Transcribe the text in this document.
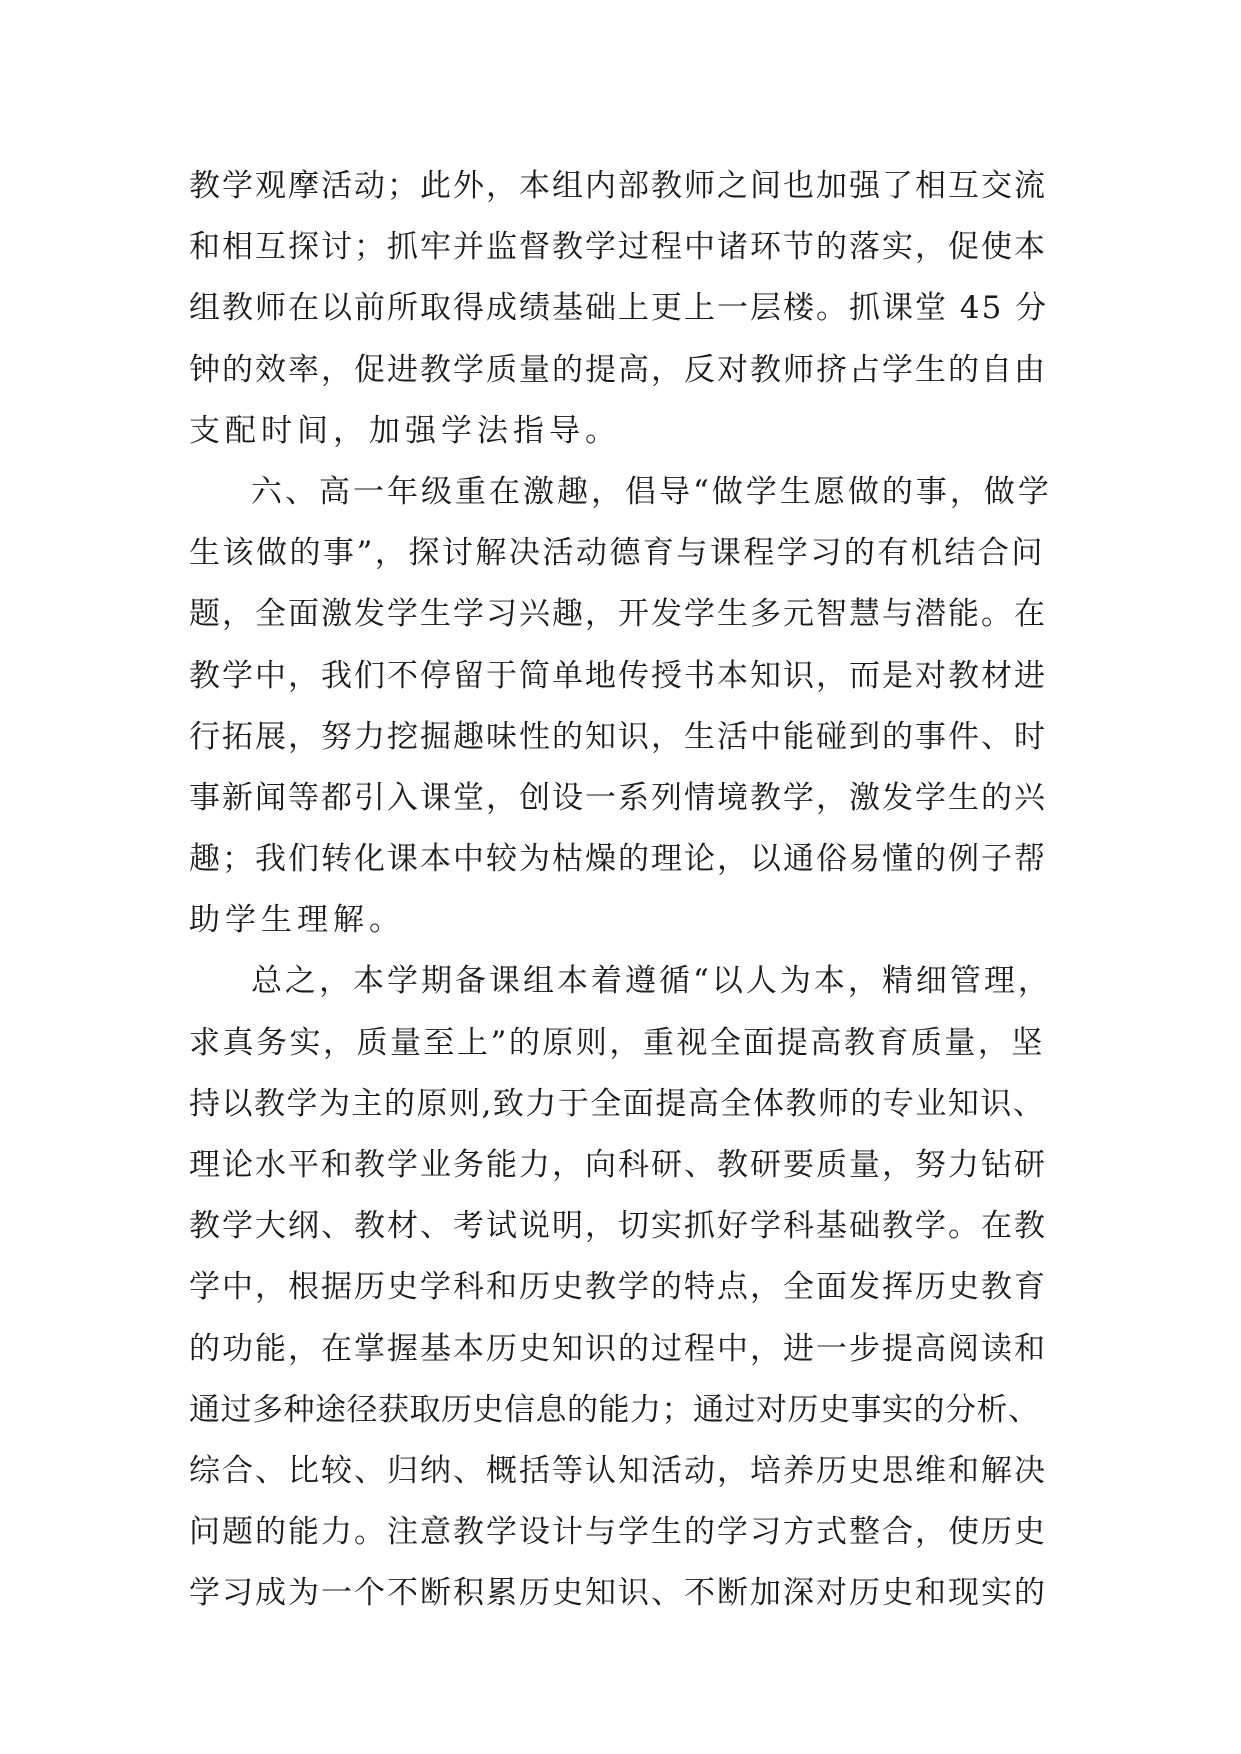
教学观摩活动；此外，本组内部教师之间也加强了相互交流
和相互探讨；抓牢并监督教学过程中诸环节的落实，促使本
组教师在以前所取得成绩基础上更上一层楼。抓课堂 45 分
钟的效率，促进教学质量的提高，反对教师挤占学生的自由
支配时间，加强学法指导。
六、高一年级重在激趣，倡导“做学生愿做的事，做学
生该做的事”，探讨解决活动德育与课程学习的有机结合问
题，全面激发学生学习兴趣，开发学生多元智慧与潜能。在
教学中，我们不停留于简单地传授书本知识，而是对教材进
行拓展，努力挖掘趣味性的知识，生活中能碰到的事件、时
事新闻等都引入课堂，创设一系列情境教学，激发学生的兴
趣；我们转化课本中较为枯燥的理论，以通俗易懂的例子帮
助学生理解。
总之，本学期备课组本着遵循“以人为本，精细管理，
求真务实，质量至上”的原则，重视全面提高教育质量，坚
持以教学为主的原则,致力于全面提高全体教师的专业知识、
理论水平和教学业务能力，向科研、教研要质量，努力钻研
教学大纲、教材、考试说明，切实抓好学科基础教学。在教
学中，根据历史学科和历史教学的特点，全面发挥历史教育
的功能，在掌握基本历史知识的过程中，进一步提高阅读和
通过多种途径获取历史信息的能力；通过对历史事实的分析、
综合、比较、归纳、概括等认知活动，培养历史思维和解决
问题的能力。注意教学设计与学生的学习方式整合，使历史
学习成为一个不断积累历史知识、不断加深对历史和现实的
